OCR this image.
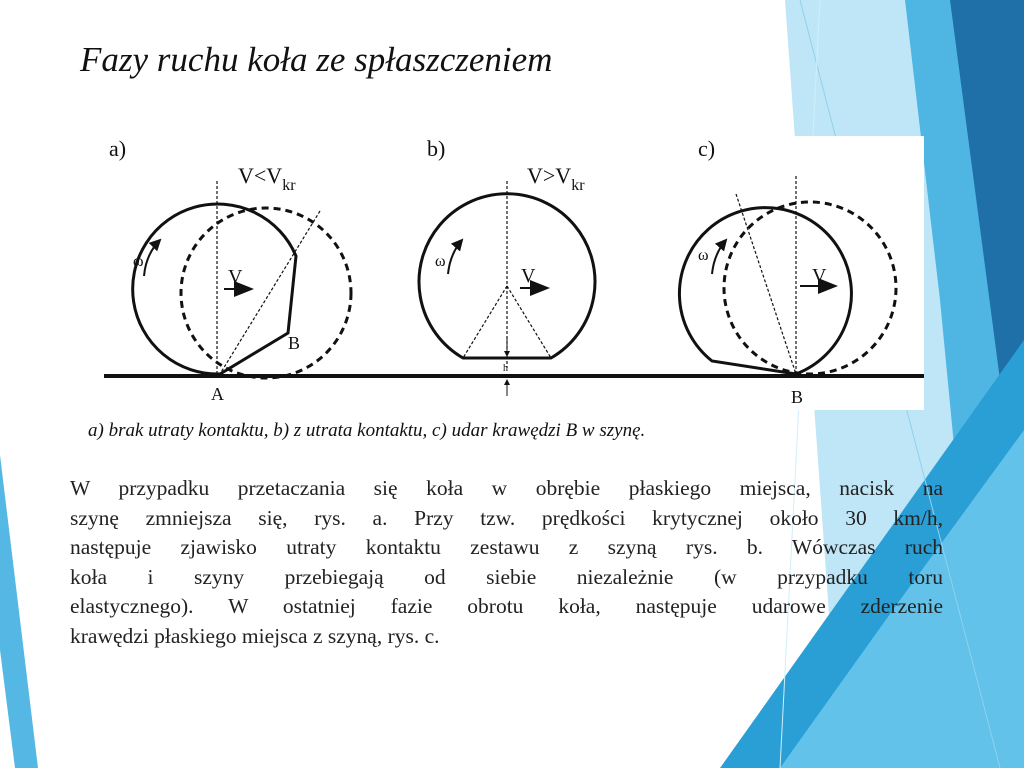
Fazy ruchu koła ze spłaszczeniem
a)
$V<V_{kr}$
ω
V
B
A
b)
$V>V_{kr}$
ω
V
h
c)
ω
V
B
a) brak utraty kontaktu, b) z utrata kontaktu, c) udar krawędzi B w szynę.
W przypadku przetaczania się koła w obrębie płaskiego miejsca, nacisk na
szynę zmniejsza się, rys. a. Przy tzw. prędkości krytycznej około 30 km/h,
następuje zjawisko utraty kontaktu zestawu z szyną rys. b. Wówczas ruch
koła i szyny przebiegają od siebie niezależnie (w przypadku toru
elastycznego). W ostatniej fazie obrotu koła, następuje udarowe zderzenie
krawędzi płaskiego miejsca z szyną, rys. c.
